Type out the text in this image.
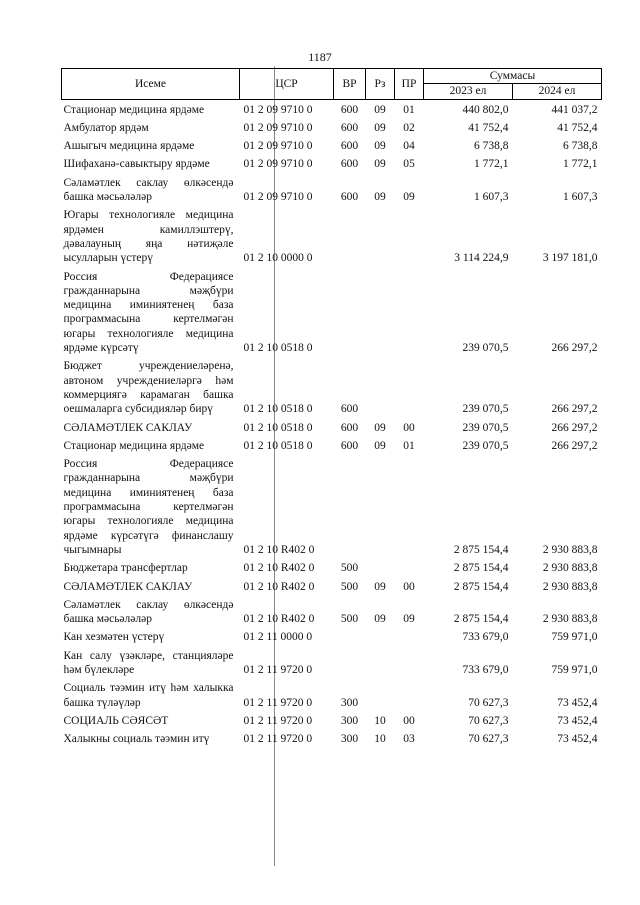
1187
Исеме	ЦСР	ВР	Рз	ПР	Суммасы	
					2023 ел	2024 ел
Стационар медицина ярдәме	01 2 09 9710 0	600	09	01	440 802,0	441 037,2
Амбулатор ярдәм	01 2 09 9710 0	600	09	02	41 752,4	41 752,4
Ашыгыч медицина ярдәме	01 2 09 9710 0	600	09	04	6 738,8	6 738,8
Шифаханә-савыктыру ярдәме	01 2 09 9710 0	600	09	05	1 772,1	1 772,1
Сәламәтлек саклау өлкәсендә башка мәсьәләләр	01 2 09 9710 0	600	09	09	1 607,3	1 607,3
Югары технологияле медицина ярдәмен камиллэштерү, дәвалауның яңа нәтиҗәле ысулларын үстерү	01 2 10 0000 0				3 114 224,9	3 197 181,0
Россия Федерациясе гражданнарына мәҗбүри медицина иминиятенең база программасына кертелмәгән югары технологияле медицина ярдәме күрсәтү	01 2 10 0518 0				239 070,5	266 297,2
Бюджет учреждениеләренә, автоном учреждениеләргә һәм коммерциягә карамаган башка оешмаларга субсидияләр бирү	01 2 10 0518 0	600			239 070,5	266 297,2
СӘЛАМӘТЛЕК САКЛАУ	01 2 10 0518 0	600	09	00	239 070,5	266 297,2
Стационар медицина ярдәме	01 2 10 0518 0	600	09	01	239 070,5	266 297,2
Россия Федерациясе гражданнарына мәҗбүри медицина иминиятенең база программасына кертелмәгән югары технологияле медицина ярдәме күрсәтүгә финанслашу чыгымнары	01 2 10 R402 0				2 875 154,4	2 930 883,8
Бюджетара трансфертлар	01 2 10 R402 0	500			2 875 154,4	2 930 883,8
СӘЛАМӘТЛЕК САКЛАУ	01 2 10 R402 0	500	09	00	2 875 154,4	2 930 883,8
Сәламәтлек саклау өлкәсендә башка мәсьәләләр	01 2 10 R402 0	500	09	09	2 875 154,4	2 930 883,8
Кан хезмәтен үстерү	01 2 11 0000 0				733 679,0	759 971,0
Кан салу үзәкләре, станцияләре һәм бүлекләре	01 2 11 9720 0				733 679,0	759 971,0
Социаль тәэмин итү һәм халыкка башка түләүләр	01 2 11 9720 0	300			70 627,3	73 452,4
СОЦИАЛЬ СӘЯСӘТ	01 2 11 9720 0	300	10	00	70 627,3	73 452,4
Халыкны социаль тәэмин итү	01 2 11 9720 0	300	10	03	70 627,3	73 452,4
